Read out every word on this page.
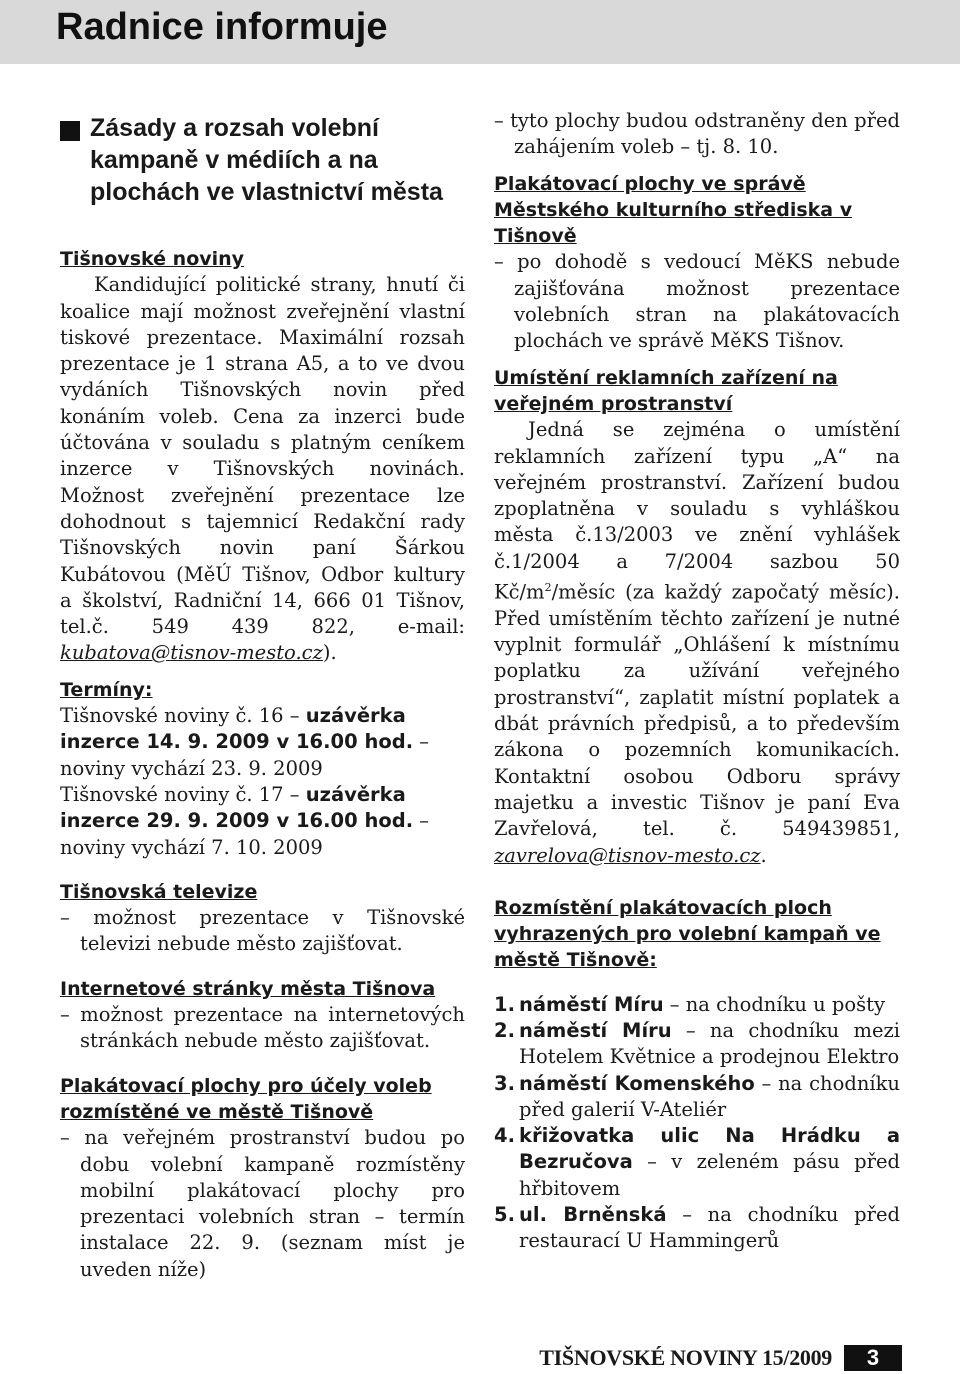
Radnice informuje
Zásady a rozsah volební kampaně v médiích a na plochách ve vlastnictví města
Tišnovské noviny

Kandidující politické strany, hnutí či koalice mají možnost zveřejnění vlastní tiskové prezentace. Maximální rozsah prezentace je 1 strana A5, a to ve dvou vydáních Tišnovských novin před konáním voleb. Cena za inzerci bude účtována v souladu s platným ceníkem inzerce v Tišnovských novinách. Možnost zveřejnění prezentace lze dohodnout s tajemnicí Redakční rady Tišnovských novin paní Šárkou Kubátovou (MěÚ Tišnov, Odbor kultury a školství, Radniční 14, 666 01 Tišnov, tel.č. 549 439 822, e-mail: kubatova@tisnov-mesto.cz).

Termíny:

Tišnovské noviny č. 16 – uzávěrka inzerce 14. 9. 2009 v 16.00 hod. – noviny vychází 23. 9. 2009

Tišnovské noviny č. 17 – uzávěrka inzerce 29. 9. 2009 v 16.00 hod. – noviny vychází 7. 10. 2009

Tišnovská televize

– možnost prezentace v Tišnovské televizi nebude město zajišťovat.

Internetové stránky města Tišnova

– možnost prezentace na internetových stránkách nebude město zajišťovat.

Plakátovací plochy pro účely voleb rozmístěné ve městě Tišnově

– na veřejném prostranství budou po dobu volební kampaně rozmístěny mobilní plakátovací plochy pro prezentaci volebních stran – termín instalace 22. 9. (seznam míst je uveden níže)

– tyto plochy budou odstraněny den před zahájením voleb – tj. 8. 10.

Plakátovací plochy ve správě Městského kulturního střediska v Tišnově

– po dohodě s vedoucí MěKS nebude zajišťována možnost prezentace volebních stran na plakátovacích plochách ve správě MěKS Tišnov.

Umístění reklamních zařízení na veřejném prostranství

Jedná se zejména o umístění reklamních zařízení typu „A“ na veřejném prostranství. Zařízení budou zpoplatněna v souladu s vyhláškou města č.13/2003 ve znění vyhlášek č.1/2004 a 7/2004 sazbou 50 $Kč/m^2$/měsíc (za každý započatý měsíc). Před umístěním těchto zařízení je nutné vyplnit formulář „Ohlášení k místnímu poplatku za užívání veřejného prostranství“, zaplatit místní poplatek a dbát právních předpisů, a to především zákona o pozemních komunikacích. Kontaktní osobou Odboru správy majetku a investic Tišnov je paní Eva Zavřelová, tel. č. 549439851, zavrelova@tisnov-mesto.cz.

Rozmístění plakátovacích ploch vyhrazených pro volební kampaň ve městě Tišnově:
1. náměstí Míru – na chodníku u pošty
2. náměstí Míru – na chodníku mezi Hotelem Květnice a prodejnou Elektro
3. náměstí Komenského – na chodníku před galerií V-Ateliér
4. křižovatka ulic Na Hrádku a Bezručova – v zeleném pásu před hřbitovem
5. ul. Brněnská – na chodníku před restaurací U Hammingerů
TIŠNOVSKÉ NOVINY 15/2009	3
